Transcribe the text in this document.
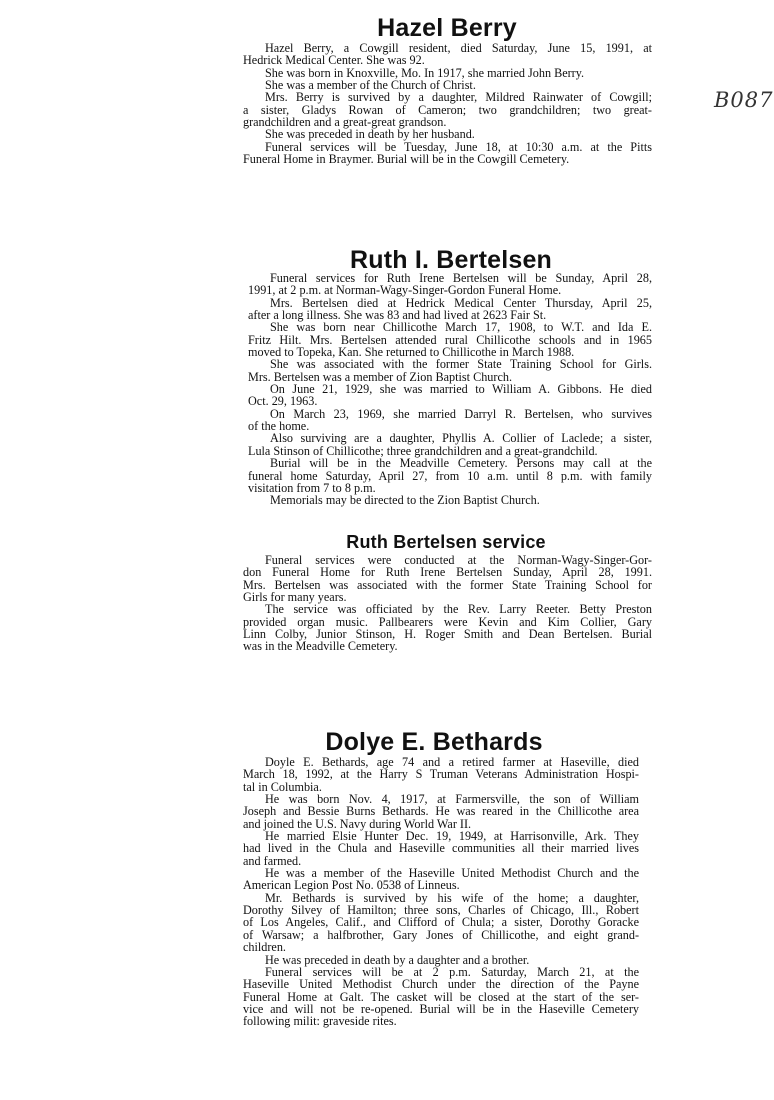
B087
Hazel Berry
Hazel Berry, a Cowgill resident, died Saturday, June 15, 1991, at
Hedrick Medical Center. She was 92.
She was born in Knoxville, Mo. In 1917, she married John Berry.
She was a member of the Church of Christ.
Mrs. Berry is survived by a daughter, Mildred Rainwater of Cowgill;
a sister, Gladys Rowan of Cameron; two grandchildren; two great-
grandchildren and a great-great grandson.
She was preceded in death by her husband.
Funeral services will be Tuesday, June 18, at 10:30 a.m. at the Pitts
Funeral Home in Braymer. Burial will be in the Cowgill Cemetery.
Ruth I. Bertelsen
Funeral services for Ruth Irene Bertelsen will be Sunday, April 28,
1991, at 2 p.m. at Norman-Wagy-Singer-Gordon Funeral Home.
Mrs. Bertelsen died at Hedrick Medical Center Thursday, April 25,
after a long illness. She was 83 and had lived at 2623 Fair St.
She was born near Chillicothe March 17, 1908, to W.T. and Ida E.
Fritz Hilt. Mrs. Bertelsen attended rural Chillicothe schools and in 1965
moved to Topeka, Kan. She returned to Chillicothe in March 1988.
She was associated with the former State Training School for Girls.
Mrs. Bertelsen was a member of Zion Baptist Church.
On June 21, 1929, she was married to William A. Gibbons. He died
Oct. 29, 1963.
On March 23, 1969, she married Darryl R. Bertelsen, who survives
of the home.
Also surviving are a daughter, Phyllis A. Collier of Laclede; a sister,
Lula Stinson of Chillicothe; three grandchildren and a great-grandchild.
Burial will be in the Meadville Cemetery. Persons may call at the
funeral home Saturday, April 27, from 10 a.m. until 8 p.m. with family
visitation from 7 to 8 p.m.
Memorials may be directed to the Zion Baptist Church.
Ruth Bertelsen service
Funeral services were conducted at the Norman-Wagy-Singer-Gor-
don Funeral Home for Ruth Irene Bertelsen Sunday, April 28, 1991.
Mrs. Bertelsen was associated with the former State Training School for
Girls for many years.
The service was officiated by the Rev. Larry Reeter. Betty Preston
provided organ music. Pallbearers were Kevin and Kim Collier, Gary
Linn Colby, Junior Stinson, H. Roger Smith and Dean Bertelsen. Burial
was in the Meadville Cemetery.
Dolye E. Bethards
Doyle E. Bethards, age 74 and a retired farmer at Haseville, died
March 18, 1992, at the Harry S Truman Veterans Administration Hospi-
tal in Columbia.
He was born Nov. 4, 1917, at Farmersville, the son of William
Joseph and Bessie Burns Bethards. He was reared in the Chillicothe area
and joined the U.S. Navy during World War II.
He married Elsie Hunter Dec. 19, 1949, at Harrisonville, Ark. They
had lived in the Chula and Haseville communities all their married lives
and farmed.
He was a member of the Haseville United Methodist Church and the
American Legion Post No. 0538 of Linneus.
Mr. Bethards is survived by his wife of the home; a daughter,
Dorothy Silvey of Hamilton; three sons, Charles of Chicago, Ill., Robert
of Los Angeles, Calif., and Clifford of Chula; a sister, Dorothy Goracke
of Warsaw; a halfbrother, Gary Jones of Chillicothe, and eight grand-
children.
He was preceded in death by a daughter and a brother.
Funeral services will be at 2 p.m. Saturday, March 21, at the
Haseville United Methodist Church under the direction of the Payne
Funeral Home at Galt. The casket will be closed at the start of the ser-
vice and will not be re-opened. Burial will be in the Haseville Cemetery
following milit: graveside rites.
